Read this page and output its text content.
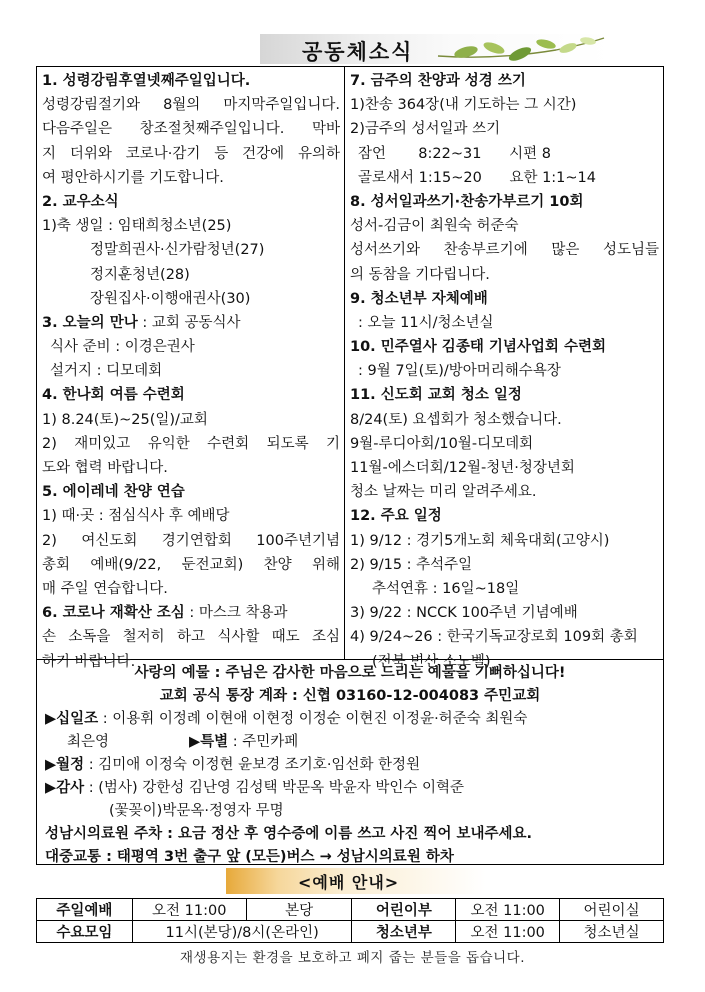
공동체소식
1. 성령강림후열넷째주일입니다.
성령강림절기와 8월의 마지막주일입니다.
다음주일은 창조절첫째주일입니다. 막바
지 더위와 코로나·감기 등 건강에 유의하
여 평안하시기를 기도합니다.
2. 교우소식
1)축 생일 : 임태희청소년(25)
정말희권사·신가람청년(27)
정지훈청년(28)
장원집사·이행애권사(30)
3. 오늘의 만나 : 교회 공동식사
식사 준비 : 이경은권사
설거지 : 디모데회
4. 한나회 여름 수련회
1) 8.24(토)~25(일)/교회
2) 재미있고 유익한 수련회 되도록 기
도와 협력 바랍니다.
5. 에이레네 찬양 연습
1) 때·곳 : 점심식사 후 예배당
2) 여신도회 경기연합회 100주년기념
총회 예배(9/22, 둔전교회) 찬양 위해
매 주일 연습합니다.
6. 코로나 재확산 조심 : 마스크 착용과
손 소독을 철저히 하고 식사할 때도 조심
하기 바랍니다.
7. 금주의 찬양과 성경 쓰기
1)찬송 364장(내 기도하는 그 시간)
2)금주의 성서일과 쓰기
잠언       8:22~31      시편 8
골로새서 1:15~20      요한 1:1~14
8. 성서일과쓰기·찬송가부르기 10회
성서-김금이 최원숙 허준숙
성서쓰기와 찬송부르기에 많은 성도님들
의 동참을 기다립니다.
9. 청소년부 자체예배
: 오늘 11시/청소년실
10. 민주열사 김종태 기념사업회 수련회
: 9월 7일(토)/방아머리해수욕장
11. 신도회 교회 청소 일정
8/24(토) 요셉회가 청소했습니다.
9월-루디아회/10월-디모데회
11월-에스더회/12월-청년·청장년회
청소 날짜는 미리 알려주세요.
12. 주요 일정
1) 9/12 : 경기5개노회 체육대회(고양시)
2) 9/15 : 추석주일
추석연휴 : 16일~18일
3) 9/22 : NCCK 100주년 기념예배
4) 9/24~26 : 한국기독교장로회 109회 총회
(전북 변산 소노벨)
사랑의 예물 : 주님은 감사한 마음으로 드리는 예물을 기뻐하십니다!
교회 공식 통장 계좌 : 신협 03160-12-004083 주민교회
▶십일조 : 이용휘 이정례 이현애 이현정 이정순 이현진 이정윤·허준숙 최원숙
최은영	▶특별 : 주민카페
▶월정 : 김미애 이정숙 이정현 윤보경 조기호·임선화 한정원
▶감사 : (범사) 강한성 김난영 김성택 박문옥 박윤자 박인수 이혁준
(꽃꽂이)박문옥·정영자 무명
성남시의료원 주차 : 요금 정산 후 영수증에 이름 쓰고 사진 찍어 보내주세요.
대중교통 : 태평역 3번 출구 앞 (모든)버스 → 성남시의료원 하차
<예배 안내>
주일예배	오전 11:00	본당	어린이부	오전 11:00	어린이실
수요모임	11시(본당)/8시(온라인)		청소년부	오전 11:00	청소년실
재생용지는 환경을 보호하고 폐지 줍는 분들을 돕습니다.
